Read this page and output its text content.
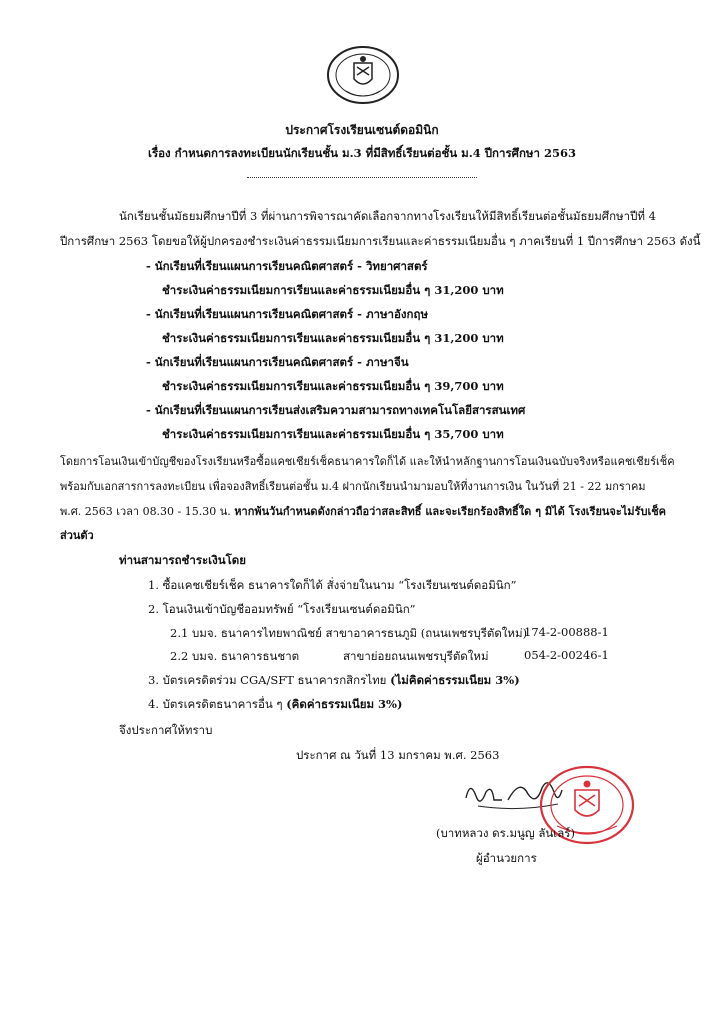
ประกาศโรงเรียนเซนต์ดอมินิก
เรื่อง กำหนดการลงทะเบียนนักเรียนชั้น ม.3 ที่มีสิทธิ์เรียนต่อชั้น ม.4 ปีการศึกษา 2563
นักเรียนชั้นมัธยมศึกษาปีที่ 3 ที่ผ่านการพิจารณาคัดเลือกจากทางโรงเรียนให้มีสิทธิ์เรียนต่อชั้นมัธยมศึกษาปีที่ 4
ปีการศึกษา 2563 โดยขอให้ผู้ปกครองชำระเงินค่าธรรมเนียมการเรียนและค่าธรรมเนียมอื่น ๆ ภาคเรียนที่ 1 ปีการศึกษา 2563 ดังนี้
- นักเรียนที่เรียนแผนการเรียนคณิตศาสตร์ - วิทยาศาสตร์
ชำระเงินค่าธรรมเนียมการเรียนและค่าธรรมเนียมอื่น ๆ 31,200 บาท
- นักเรียนที่เรียนแผนการเรียนคณิตศาสตร์ - ภาษาอังกฤษ
ชำระเงินค่าธรรมเนียมการเรียนและค่าธรรมเนียมอื่น ๆ 31,200 บาท
- นักเรียนที่เรียนแผนการเรียนคณิตศาสตร์ - ภาษาจีน
ชำระเงินค่าธรรมเนียมการเรียนและค่าธรรมเนียมอื่น ๆ 39,700 บาท
- นักเรียนที่เรียนแผนการเรียนส่งเสริมความสามารถทางเทคโนโลยีสารสนเทศ
ชำระเงินค่าธรรมเนียมการเรียนและค่าธรรมเนียมอื่น ๆ 35,700 บาท
โดยการโอนเงินเข้าบัญชีของโรงเรียนหรือซื้อแคชเชียร์เช็คธนาคารใดก็ได้ และให้นำหลักฐานการโอนเงินฉบับจริงหรือแคชเชียร์เช็ค
พร้อมกับเอกสารการลงทะเบียน เพื่อจองสิทธิ์เรียนต่อชั้น ม.4 ฝากนักเรียนนำมามอบให้ที่งานการเงิน ในวันที่ 21 - 22 มกราคม
พ.ศ. 2563 เวลา 08.30 - 15.30 น. หากพ้นวันกำหนดดังกล่าวถือว่าสละสิทธิ์ และจะเรียกร้องสิทธิ์ใด ๆ มิได้ โรงเรียนจะไม่รับเช็ค
ส่วนตัว
ท่านสามารถชำระเงินโดย
1. ซื้อแคชเชียร์เช็ค ธนาคารใดก็ได้ สั่งจ่ายในนาม “โรงเรียนเซนต์ดอมินิก”
2. โอนเงินเข้าบัญชีออมทรัพย์ “โรงเรียนเซนต์ดอมินิก”
2.1 บมจ. ธนาคารไทยพาณิชย์ สาขาอาคารธนภูมิ (ถนนเพชรบุรีตัดใหม่)
174-2-00888-1
2.2 บมจ. ธนาคารธนชาต	สาขาย่อยถนนเพชรบุรีตัดใหม่	054-2-00246-1
3. บัตรเครดิตร่วม CGA/SFT ธนาคารกสิกรไทย (ไม่คิดค่าธรรมเนียม 3%)
4. บัตรเครดิตธนาคารอื่น ๆ (คิดค่าธรรมเนียม 3%)
จึงประกาศให้ทราบ
ประกาศ ณ วันที่ 13 มกราคม พ.ศ. 2563
(บาทหลวง ดร.มนูญ ลันเลร์)
ผู้อำนวยการ
